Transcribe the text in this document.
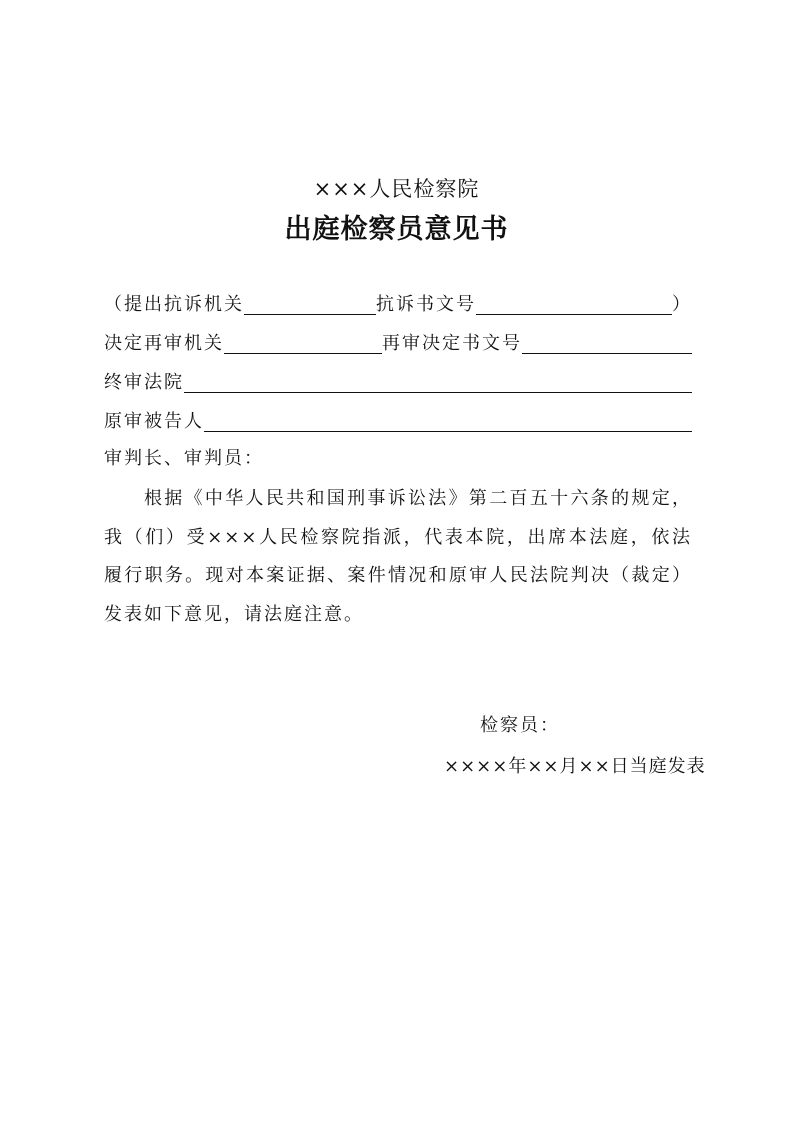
×××人民检察院
出庭检察员意见书
（提出抗诉机关	抗诉书文号	）
决定再审机关	再审决定书文号
终审法院
原审被告人
审判长、审判员：
根据《中华人民共和国刑事诉讼法》第二百五十六条的规定，我（们）受×××人民检察院指派，代表本院，出席本法庭，依法履行职务。现对本案证据、案件情况和原审人民法院判决（裁定）发表如下意见，请法庭注意。
检察员：
××××年××月××日当庭发表
